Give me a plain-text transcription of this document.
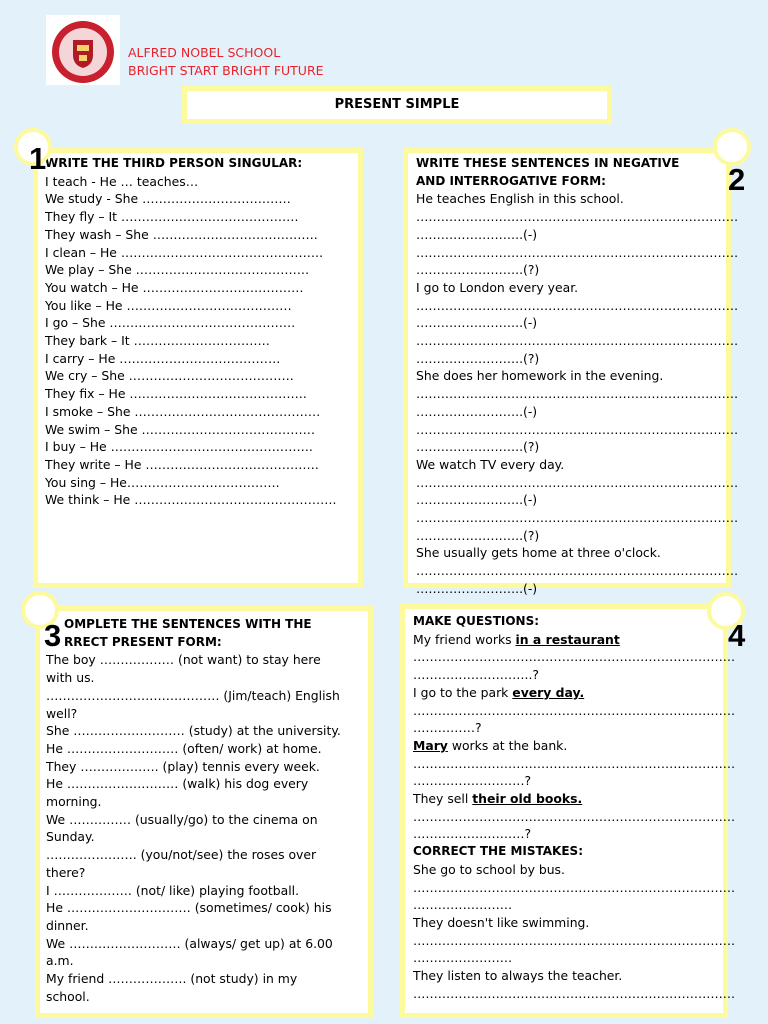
ALFRED NOBEL SCHOOL
BRIGHT START BRIGHT FUTURE
PRESENT SIMPLE
WRITE THE THIRD PERSON SINGULAR:
I teach - He … teaches…
We study - She ………………………………
They fly – It …………………………………….
They wash – She ………………………………….
I clean – He ………………………………………….
We play – She ……………………………………
You watch – He …………………………………
You like – He ………………………………….
I go – She ………………………………………
They bark – It ……………………………
I carry – He …………………………………
We cry – She ………………………………….
They fix – He …………………………………….
I smoke – She ………………………………………
We swim – She ……………………………………
I buy – He ………………………………………….
They write – He ……………………………………
You sing – He……………………………….
We think – He ………………………………………….
WRITE THESE SENTENCES IN NEGATIVE
AND INTERROGATIVE FORM:
He teaches English in this school.
……………………………………………………………………
……………………..(-)
……………………………………………………………………
……………………..(?)
I go to London every year.
……………………………………………………………………
……………………..(-)
……………………………………………………………………
……………………..(?)
She does her homework in the evening.
……………………………………………………………………
……………………..(-)
……………………………………………………………………
……………………..(?)
We watch TV every day.
……………………………………………………………………
……………………..(-)
……………………………………………………………………
……………………..(?)
She usually gets home at three o'clock.
……………………………………………………………………
……………………..(-)
2
OMPLETE THE SENTENCES WITH THE
RRECT PRESENT FORM:
The boy ……………… (not want) to stay here
with us.
…………………………………… (Jim/teach) English
well?
She ……………………… (study) at the university.
He ……………………… (often/ work) at home.
They ………………. (play) tennis every week.
He ……………………… (walk) his dog every
morning.
We …………… (usually/go) to the cinema on
Sunday.
…………………. (you/not/see) the roses over
there?
I ………………. (not/ like) playing football.
He ………………………… (sometimes/ cook) his
dinner.
We ……………………… (always/ get up) at 6.00
a.m.
My friend ………………. (not study) in my
school.
3	MAKE QUESTIONS:
My friend works in a restaurant
……………………………………………………………………
………………………..?
I go to the park every day.
……………………………………………………………………
……………?
Mary works at the bank.
……………………………………………………………………
………………………?
They sell their old books.
……………………………………………………………………
………………………?
CORRECT THE MISTAKES:
She go to school by bus.
……………………………………………………………………
……………………
They doesn't like swimming.
……………………………………………………………………
……………………
They listen to always the teacher.
……………………………………………………………………
4
